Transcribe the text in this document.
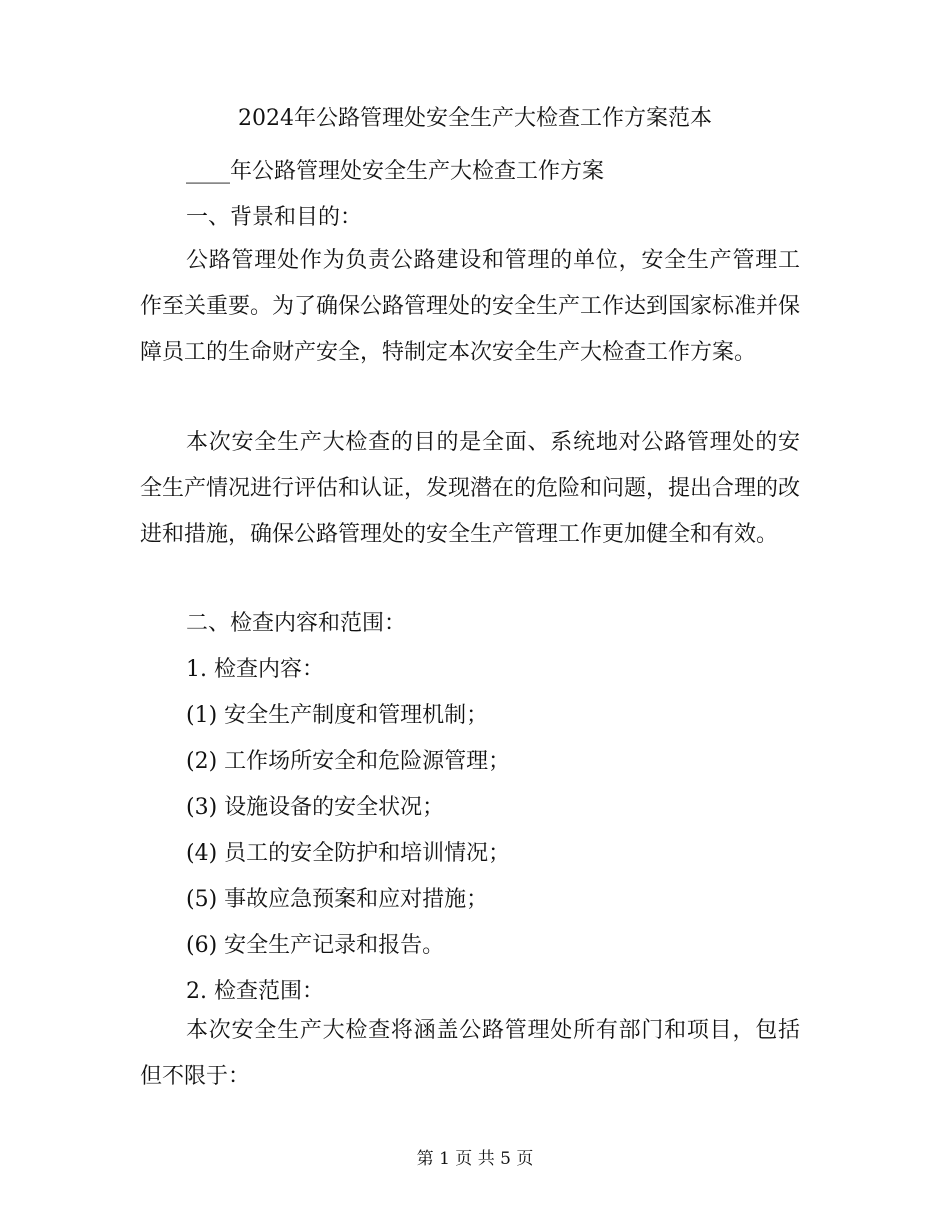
2024年公路管理处安全生产大检查工作方案范本
____年公路管理处安全生产大检查工作方案
一、背景和目的：
公路管理处作为负责公路建设和管理的单位，安全生产管理工作至关重要。为了确保公路管理处的安全生产工作达到国家标准并保障员工的生命财产安全，特制定本次安全生产大检查工作方案。
本次安全生产大检查的目的是全面、系统地对公路管理处的安全生产情况进行评估和认证，发现潜在的危险和问题，提出合理的改进和措施，确保公路管理处的安全生产管理工作更加健全和有效。
二、检查内容和范围：
1. 检查内容：
(1) 安全生产制度和管理机制；
(2) 工作场所安全和危险源管理；
(3) 设施设备的安全状况；
(4) 员工的安全防护和培训情况；
(5) 事故应急预案和应对措施；
(6) 安全生产记录和报告。
2. 检查范围：
本次安全生产大检查将涵盖公路管理处所有部门和项目，包括但不限于：
第 1 页 共 5 页
